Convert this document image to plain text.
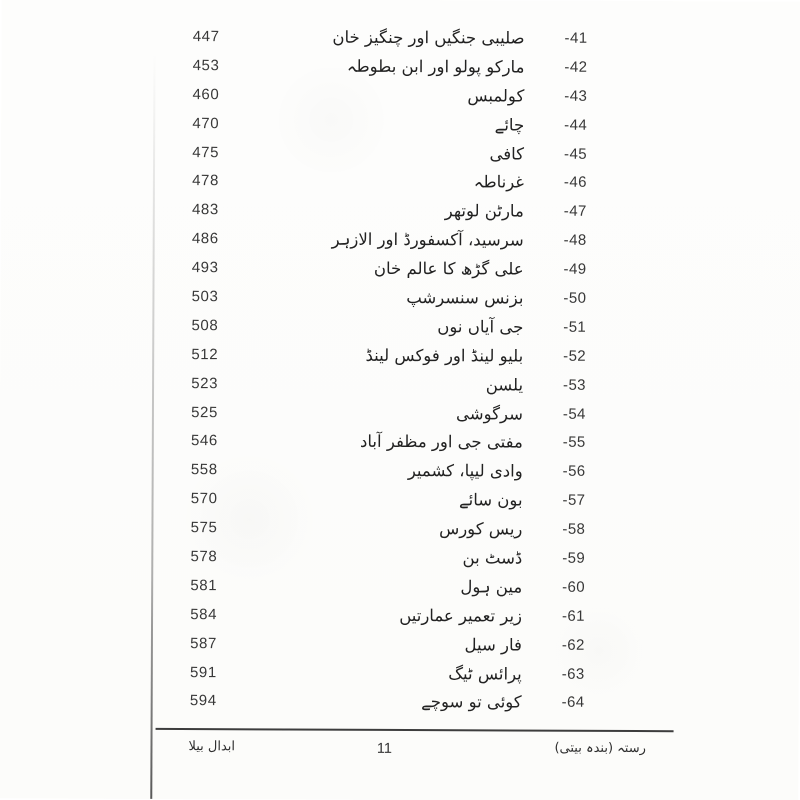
447	صلیبی جنگیں اور چنگیز خان	-41
453	مارکو پولو اور ابن بطوطہ	-42
460	کولمبس	-43
470	چائے	-44
475	کافی	-45
478	غرناطہ	-46
483	مارٹن لوتھر	-47
486	سرسید، آکسفورڈ اور الازہر	-48
493	علی گڑھ کا عالم خان	-49
503	بزنس سنسرشپ	-50
508	جی آیاں نوں	-51
512	بلیو لینڈ اور فوکس لینڈ	-52
523	یلسن	-53
525	سرگوشی	-54
546	مفتی جی اور مظفر آباد	-55
558	وادی لیپا، کشمیر	-56
570	بون سائے	-57
575	ریس کورس	-58
578	ڈسٹ بن	-59
581	مین ہول	-60
584	زیر تعمیر عمارتیں	-61
587	فار سیل	-62
591	پرائس ٹیگ	-63
594	کوئی تو سوچے	-64
ابدال بیلا	11	رستہ (بندہ بیتی)
